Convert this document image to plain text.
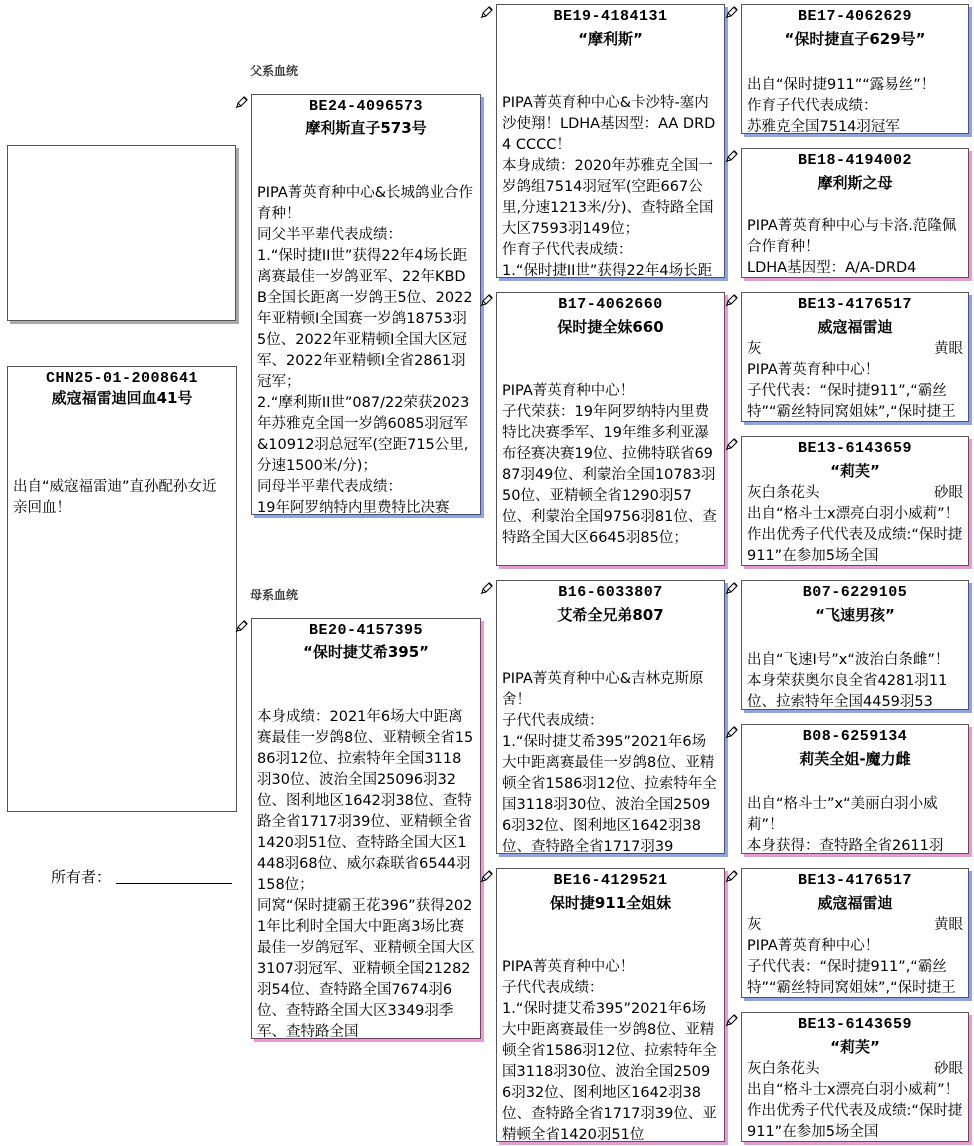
CHN25-01-2008641
威寇福雷迪回血41号
出自“威寇福雷迪”直孙配孙女近亲回血！
所有者：
父系血统
母系血统
BE24-4096573
摩利斯直子573号
PIPA菁英育种中心&长城鸽业合作育种！
同父半平辈代表成绩：
1.“保时捷II世”获得22年4场长距离赛最佳一岁鸽亚军、22年KBDB全国长距离一岁鸽王5位、2022年亚精顿I全国赛一岁鸽18753羽5位、2022年亚精顿I全国大区冠军、2022年亚精顿I全省2861羽冠军；
2.“摩利斯II世”087/22荣获2023年苏雅克全国一岁鸽6085羽冠军&10912羽总冠军(空距715公里,分速1500米/分)；
同母半平辈代表成绩：
19年阿罗纳特内里费特比决赛
BE20-4157395
“保时捷艾希395”
本身成绩：2021年6场大中距离赛最佳一岁鸽8位、亚精顿全省1586羽12位、拉索特年全国3118羽30位、波治全国25096羽32位、图利地区1642羽38位、查特路全省1717羽39位、亚精顿全省1420羽51位、查特路全国大区1448羽68位、威尔森联省6544羽158位；
同窝“保时捷霸王花396”获得2021年比利时全国大中距离3场比赛最佳一岁鸽冠军、亚精顿全国大区3107羽冠军、亚精顿全国21282羽54位、查特路全国7674羽6位、查特路全国大区3349羽季军、查特路全国
BE19-4184131
“摩利斯”
PIPA菁英育种中心&卡沙特-塞内沙使翔！LDHA基因型：AA DRD4 CCCC！
本身成绩：2020年苏雅克全国一岁鸽组7514羽冠军(空距667公里,分速1213米/分)、查特路全国大区7593羽149位；
作育子代代表成绩：
1.“保时捷II世”获得22年4场长距
B17-4062660
保时捷全妹660
PIPA菁英育种中心！
子代荣获：19年阿罗纳特内里费特比决赛季军、19年维多利亚瀑布径赛决赛19位、拉佛特联省6987羽49位、利蒙治全国10783羽50位、亚精顿全省1290羽57位、利蒙治全国9756羽81位、查特路全国大区6645羽85位；
B16-6033807
艾希全兄弟807
PIPA菁英育种中心&吉林克斯原舍！
子代代表成绩：
1.“保时捷艾希395”2021年6场大中距离赛最佳一岁鸽8位、亚精顿全省1586羽12位、拉索特年全国3118羽30位、波治全国25096羽32位、图利地区1642羽38位、查特路全省1717羽39
BE16-4129521
保时捷911全姐妹
PIPA菁英育种中心！
子代代表成绩：
1.“保时捷艾希395”2021年6场大中距离赛最佳一岁鸽8位、亚精顿全省1586羽12位、拉索特年全国3118羽30位、波治全国25096羽32位、图利地区1642羽38位、查特路全省1717羽39位、亚精顿全省1420羽51位
BE17-4062629
“保时捷直子629号”
出自“保时捷911”“露易丝”！
作育子代代表成绩：
苏雅克全国7514羽冠军
BE18-4194002
摩利斯之母
PIPA菁英育种中心与卡洛.范隆佩合作育种！
LDHA基因型：A/A-DRD4
BE13-4176517
威寇福雷迪
灰	黄眼
PIPA菁英育种中心！
子代代表：“保时捷911”,“霸丝特”“霸丝特同窝姐妹”,“保时捷王
BE13-6143659
“莉芙”
灰白条花头	砂眼
出自“格斗士x漂亮白羽小威莉”！作出优秀子代代表及成绩:“保时捷911”在参加5场全国
B07-6229105
“飞速男孩”
出自“飞速I号”x“波治白条雌”！
本身荣获奥尔良全省4281羽11位、拉索特年全国4459羽53
B08-6259134
莉芙全姐-魔力雌
出自“格斗士”x“美丽白羽小威莉”！
本身获得：查特路全省2611羽
BE13-4176517
威寇福雷迪
灰	黄眼
PIPA菁英育种中心！
子代代表：“保时捷911”,“霸丝特”“霸丝特同窝姐妹”,“保时捷王
BE13-6143659
“莉芙”
灰白条花头	砂眼
出自“格斗士x漂亮白羽小威莉”！作出优秀子代代表及成绩:“保时捷911”在参加5场全国
